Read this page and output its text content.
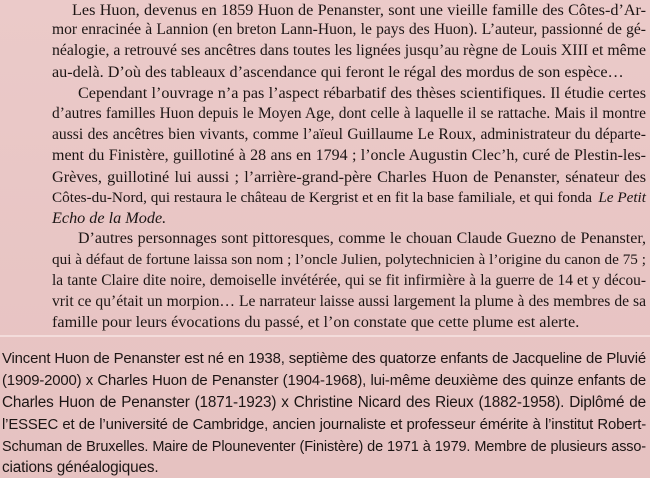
Les Huon, devenus en 1859 Huon de Penanster, sont une vieille famille des Côtes-d’Ar-
mor enracinée à Lannion (en breton Lann-Huon, le pays des Huon). L’auteur, passionné de gé-
néalogie, a retrouvé ses ancêtres dans toutes les lignées jusqu’au règne de Louis XIII et même
au-delà. D’où des tableaux d’ascendance qui feront le régal des mordus de son espèce…
Cependant l’ouvrage n’a pas l’aspect rébarbatif des thèses scientifiques. Il étudie certes
d’autres familles Huon depuis le Moyen Age, dont celle à laquelle il se rattache. Mais il montre
aussi des ancêtres bien vivants, comme l’aïeul Guillaume Le Roux, administrateur du départe-
ment du Finistère, guillotiné à 28 ans en 1794 ; l’oncle Augustin Clec’h, curé de Plestin-les-
Grèves, guillotiné lui aussi ; l’arrière-grand-père Charles Huon de Penanster, sénateur des
Côtes-du-Nord, qui restaura le château de Kergrist et en fit la base familiale, et qui fonda Le Petit
Echo de la Mode.
D’autres personnages sont pittoresques, comme le chouan Claude Guezno de Penanster,
qui à défaut de fortune laissa son nom ; l’oncle Julien, polytechnicien à l’origine du canon de 75 ;
la tante Claire dite noire, demoiselle invétérée, qui se fit infirmière à la guerre de 14 et y décou-
vrit ce qu’était un morpion… Le narrateur laisse aussi largement la plume à des membres de sa
famille pour leurs évocations du passé, et l’on constate que cette plume est alerte.
Vincent Huon de Penanster est né en 1938, septième des quatorze enfants de Jacqueline de Pluvié
(1909-2000) x Charles Huon de Penanster (1904-1968), lui-même deuxième des quinze enfants de
Charles Huon de Penanster (1871-1923) x Christine Nicard des Rieux (1882-1958). Diplômé de
l’ESSEC et de l’université de Cambridge, ancien journaliste et professeur émérite à l’institut Robert-
Schuman de Bruxelles. Maire de Plouneventer (Finistère) de 1971 à 1979. Membre de plusieurs asso-
ciations généalogiques.
